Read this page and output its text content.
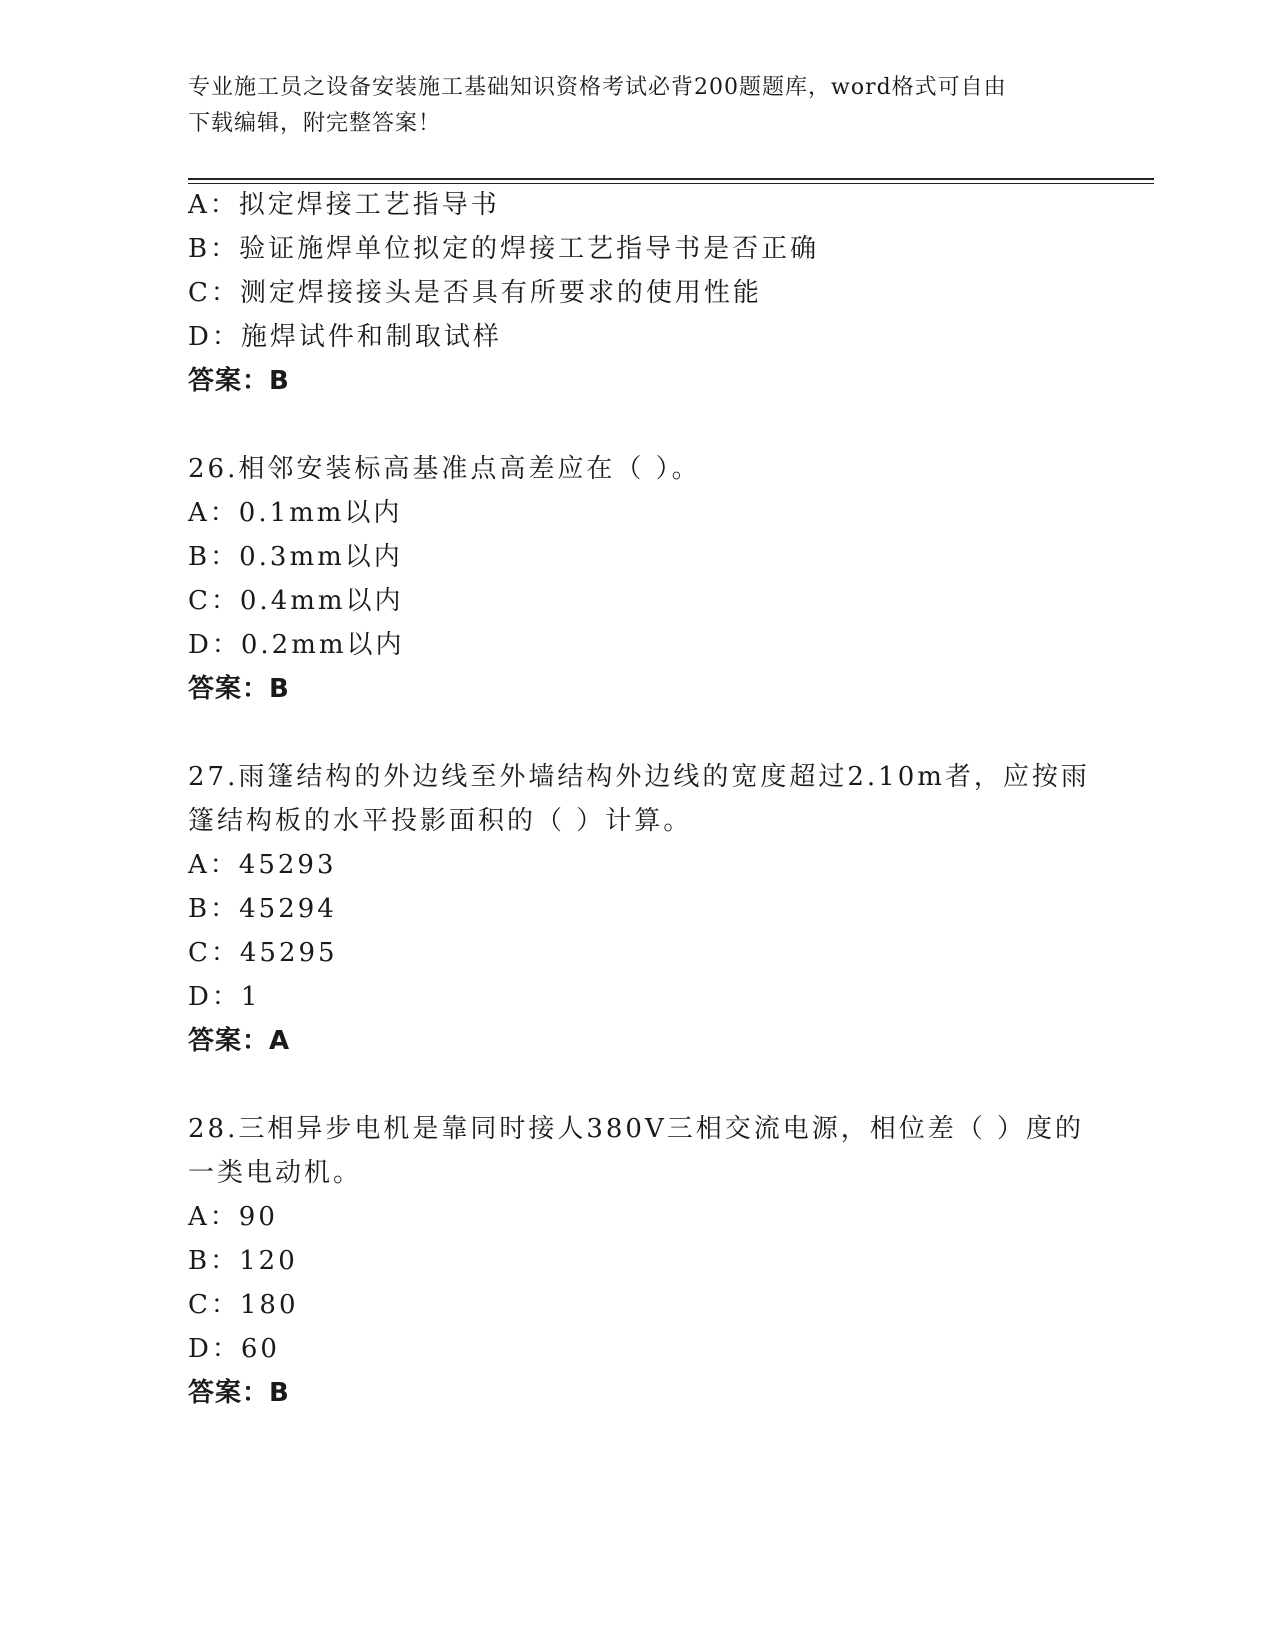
专业施工员之设备安装施工基础知识资格考试必背200题题库，word格式可自由
下载编辑，附完整答案！
A：拟定焊接工艺指导书
B：验证施焊单位拟定的焊接工艺指导书是否正确
C：测定焊接接头是否具有所要求的使用性能
D：施焊试件和制取试样
答案：B
26.相邻安装标高基准点高差应在（ ）。
A：0.1mm以内
B：0.3mm以内
C：0.4mm以内
D：0.2mm以内
答案：B
27.雨篷结构的外边线至外墙结构外边线的宽度超过2.10m者，应按雨
篷结构板的水平投影面积的（ ）计算。
A：45293
B：45294
C：45295
D：1
答案：A
28.三相异步电机是靠同时接人380V三相交流电源，相位差（ ）度的
一类电动机。
A：90
B：120
C：180
D：60
答案：B
